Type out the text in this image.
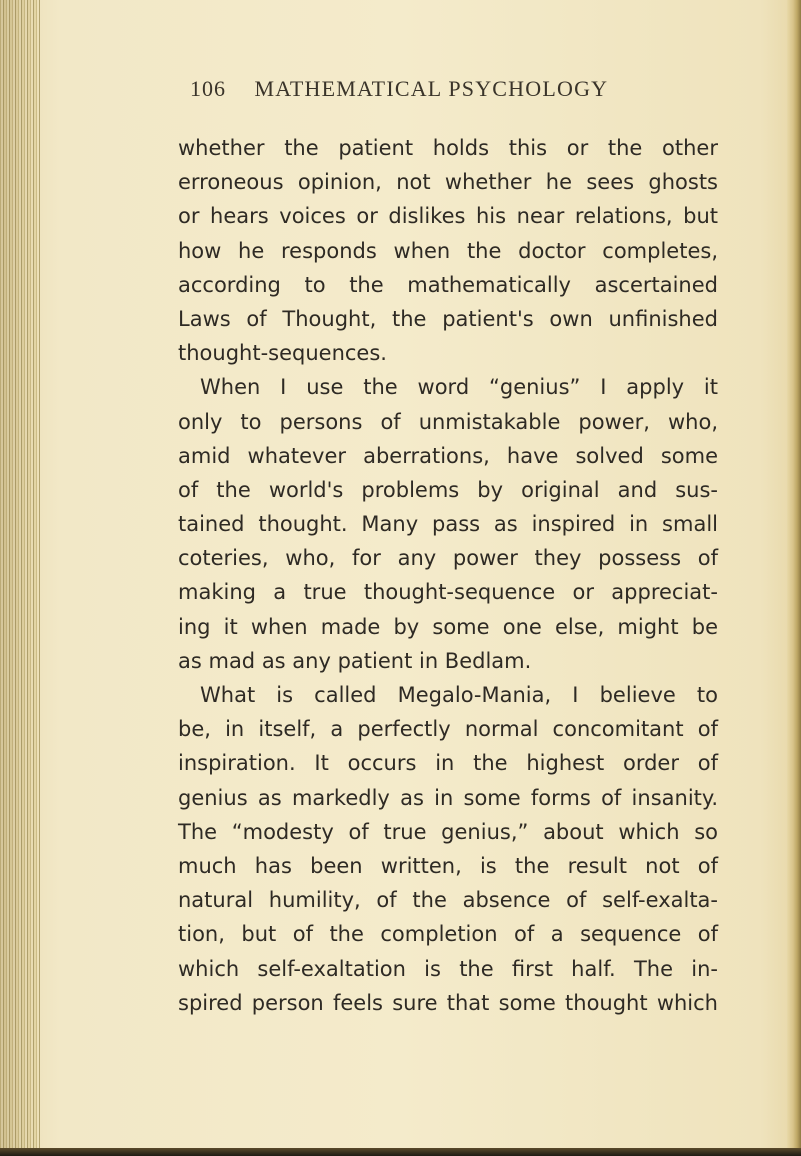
106 MATHEMATICAL PSYCHOLOGY
whether the patient holds this or the other
erroneous opinion, not whether he sees ghosts
or hears voices or dislikes his near relations, but
how he responds when the doctor completes,
according to the mathematically ascertained
Laws of Thought, the patient's own unfinished
thought-sequences.
When I use the word “genius” I apply it
only to persons of unmistakable power, who,
amid whatever aberrations, have solved some
of the world's problems by original and sus-
tained thought. Many pass as inspired in small
coteries, who, for any power they possess of
making a true thought-sequence or appreciat-
ing it when made by some one else, might be
as mad as any patient in Bedlam.
What is called Megalo-Mania, I believe to
be, in itself, a perfectly normal concomitant of
inspiration. It occurs in the highest order of
genius as markedly as in some forms of insanity.
The “modesty of true genius,” about which so
much has been written, is the result not of
natural humility, of the absence of self-exalta-
tion, but of the completion of a sequence of
which self-exaltation is the first half. The in-
spired person feels sure that some thought which
